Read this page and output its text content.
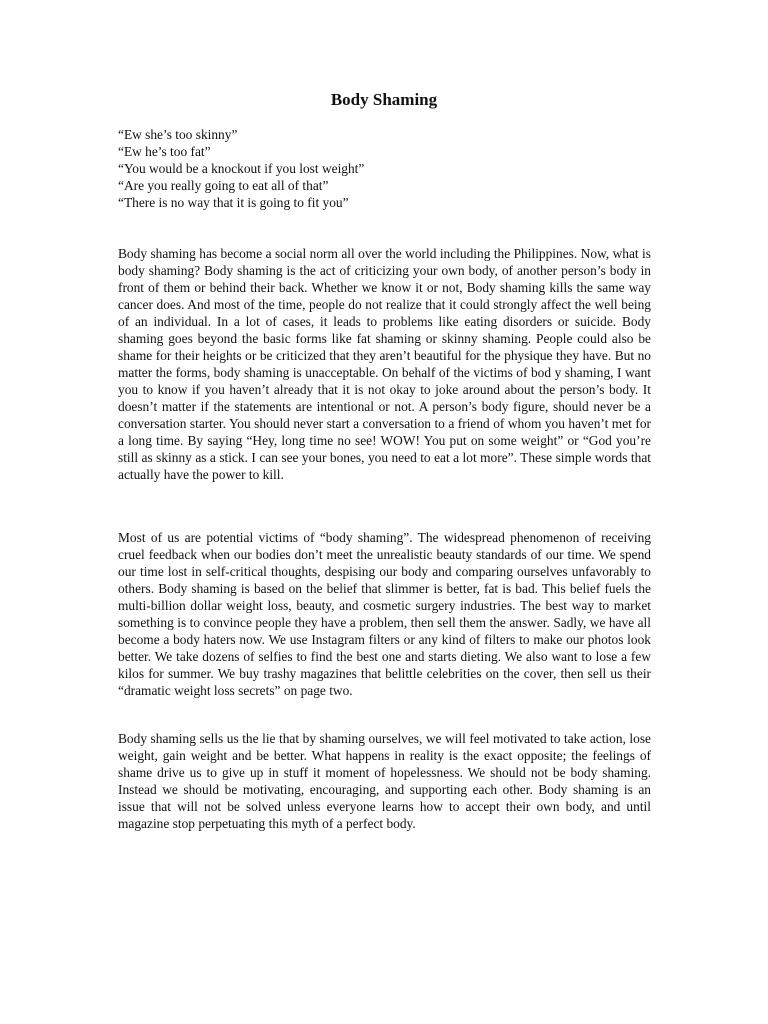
Body Shaming
“Ew she’s too skinny”
“Ew he’s too fat”
“You would be a knockout if you lost weight”
“Are you really going to eat all of that”
“There is no way that it is going to fit you”

Body shaming has become a social norm all over the world including the Philippines. Now, what is body shaming? Body shaming is the act of criticizing your own body, of another person’s body in front of them or behind their back. Whether we know it or not, Body shaming kills the same way cancer does. And most of the time, people do not realize that it could strongly affect the well being of an individual. In a lot of cases, it leads to problems like eating disorders or suicide. Body shaming goes beyond the basic forms like fat shaming or skinny shaming. People could also be shame for their heights or be criticized that they aren’t beautiful for the physique they have. But no matter the forms, body shaming is unacceptable. On behalf of the victims of bod y shaming, I want you to know if you haven’t already that it is not okay to joke around about the person’s body. It doesn’t matter if the statements are intentional or not. A person’s body figure, should never be a conversation starter. You should never start a conversation to a friend of whom you haven’t met for a long time. By saying “Hey, long time no see! WOW! You put on some weight” or “God you’re still as skinny as a stick. I can see your bones, you need to eat a lot more”. These simple words that actually have the power to kill.

Most of us are potential victims of “body shaming”. The widespread phenomenon of receiving cruel feedback when our bodies don’t meet the unrealistic beauty standards of our time. We spend our time lost in self-critical thoughts, despising our body and comparing ourselves unfavorably to others. Body shaming is based on the belief that slimmer is better, fat is bad. This belief fuels the multi-billion dollar weight loss, beauty, and cosmetic surgery industries. The best way to market something is to convince people they have a problem, then sell them the answer. Sadly, we have all become a body haters now. We use Instagram filters or any kind of filters to make our photos look better. We take dozens of selfies to find the best one and starts dieting. We also want to lose a few kilos for summer. We buy trashy magazines that belittle celebrities on the cover, then sell us their “dramatic weight loss secrets” on page two.

Body shaming sells us the lie that by shaming ourselves, we will feel motivated to take action, lose weight, gain weight and be better. What happens in reality is the exact opposite; the feelings of shame drive us to give up in stuff it moment of hopelessness. We should not be body shaming. Instead we should be motivating, encouraging, and supporting each other. Body shaming is an issue that will not be solved unless everyone learns how to accept their own body, and until magazine stop perpetuating this myth of a perfect body.
